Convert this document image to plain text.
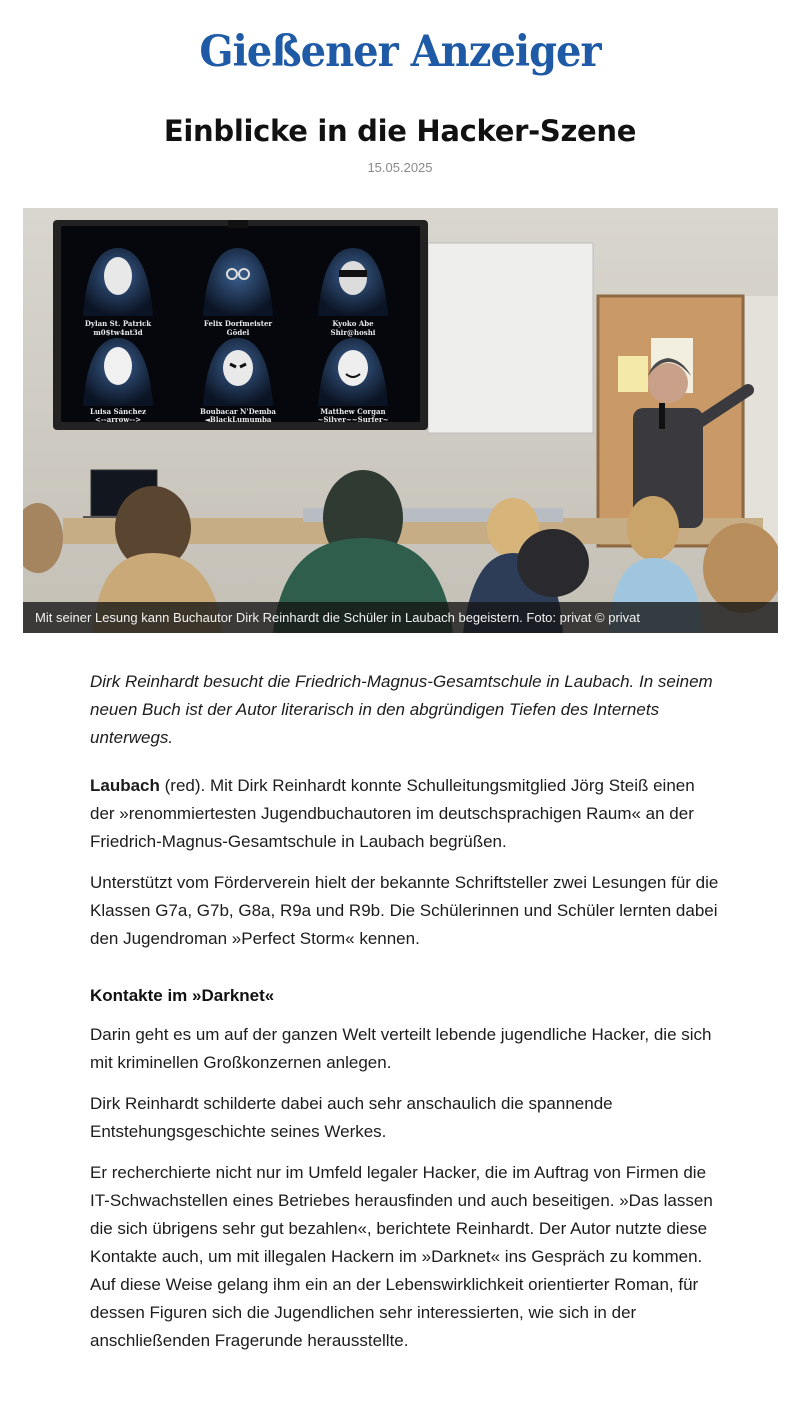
Gießener Anzeiger
Einblicke in die Hacker-Szene
15.05.2025
Dylan St. Patrick
m0$tw4nt3d
Felix Dorfmeister
Gödel
Kyoko Abe
Shir@hoshi
Luisa Sánchez
<--arrow-->
Boubacar N'Demba
◄BlackLumumba
Matthew Corgan
~Silver~~Surfer~
Mit seiner Lesung kann Buchautor Dirk Reinhardt die Schüler in Laubach begeistern. Foto: privat © privat

Dirk Reinhardt besucht die Friedrich-Magnus-Gesamtschule in Laubach. In seinem neuen Buch ist der Autor literarisch in den abgründigen Tiefen des Internets unterwegs.

Laubach (red). Mit Dirk Reinhardt konnte Schulleitungsmitglied Jörg Steiß einen der »renommiertesten Jugendbuchautoren im deutschsprachigen Raum« an der Friedrich-Magnus-Gesamtschule in Laubach begrüßen.

Unterstützt vom Förderverein hielt der bekannte Schriftsteller zwei Lesungen für die Klassen G7a, G7b, G8a, R9a und R9b. Die Schülerinnen und Schüler lernten dabei den Jugendroman »Perfect Storm« kennen.

Kontakte im »Darknet«

Darin geht es um auf der ganzen Welt verteilt lebende jugendliche Hacker, die sich mit kriminellen Großkonzernen anlegen.

Dirk Reinhardt schilderte dabei auch sehr anschaulich die spannende Entstehungsgeschichte seines Werkes.

Er recherchierte nicht nur im Umfeld legaler Hacker, die im Auftrag von Firmen die IT-Schwachstellen eines Betriebes herausfinden und auch beseitigen. »Das lassen die sich übrigens sehr gut bezahlen«, berichtete Reinhardt. Der Autor nutzte diese Kontakte auch, um mit illegalen Hackern im »Darknet« ins Gespräch zu kommen. Auf diese Weise gelang ihm ein an der Lebenswirklichkeit orientierter Roman, für dessen Figuren sich die Jugendlichen sehr interessierten, wie sich in der anschließenden Fragerunde herausstellte.
